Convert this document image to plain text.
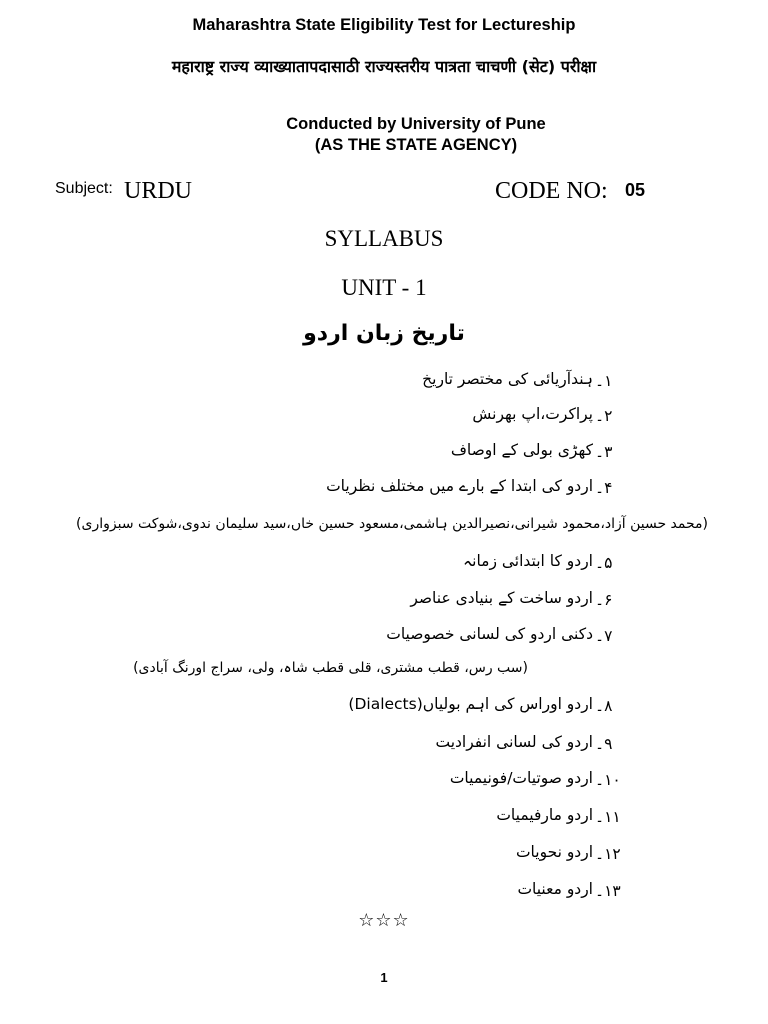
Maharashtra State Eligibility Test for Lectureship
महाराष्ट्र राज्य व्याख्यातापदासाठी राज्यस्तरीय पात्रता चाचणी (सेट) परीक्षा
Conducted by University of Pune
(AS THE STATE AGENCY)
Subject: URDU	CODE NO: 05
SYLLABUS
UNIT - 1
تاریخ زبان اردو
۱۔
ہندآریائی کی مختصر تاریخ
۲۔
پراکرت،اپ بھرنش
۳۔
کھڑی بولی کے اوصاف
۴۔
اردو کی ابتدا کے بارے میں مختلف نظریات
(محمد حسین آزاد،محمود شیرانی،نصیرالدین ہاشمی،مسعود حسین خاں،سید سلیمان ندوی،شوکت سبزواری)
۵۔
اردو کا ابتدائی زمانہ
۶۔
اردو ساخت کے بنیادی عناصر
۷۔
دکنی اردو کی لسانی خصوصیات
(سب رس، قطب مشتری، قلی قطب شاہ، ولی، سراج اورنگ آبادی)
۸۔
اردو اوراس کی اہم بولیاں(Dialects)
۹۔
اردو کی لسانی انفرادیت
۱۰۔
اردو صوتیات/فونیمیات
۱۱۔
اردو مارفیمیات
۱۲۔
اردو نحویات
۱۳۔
اردو معنیات
☆☆☆
1
